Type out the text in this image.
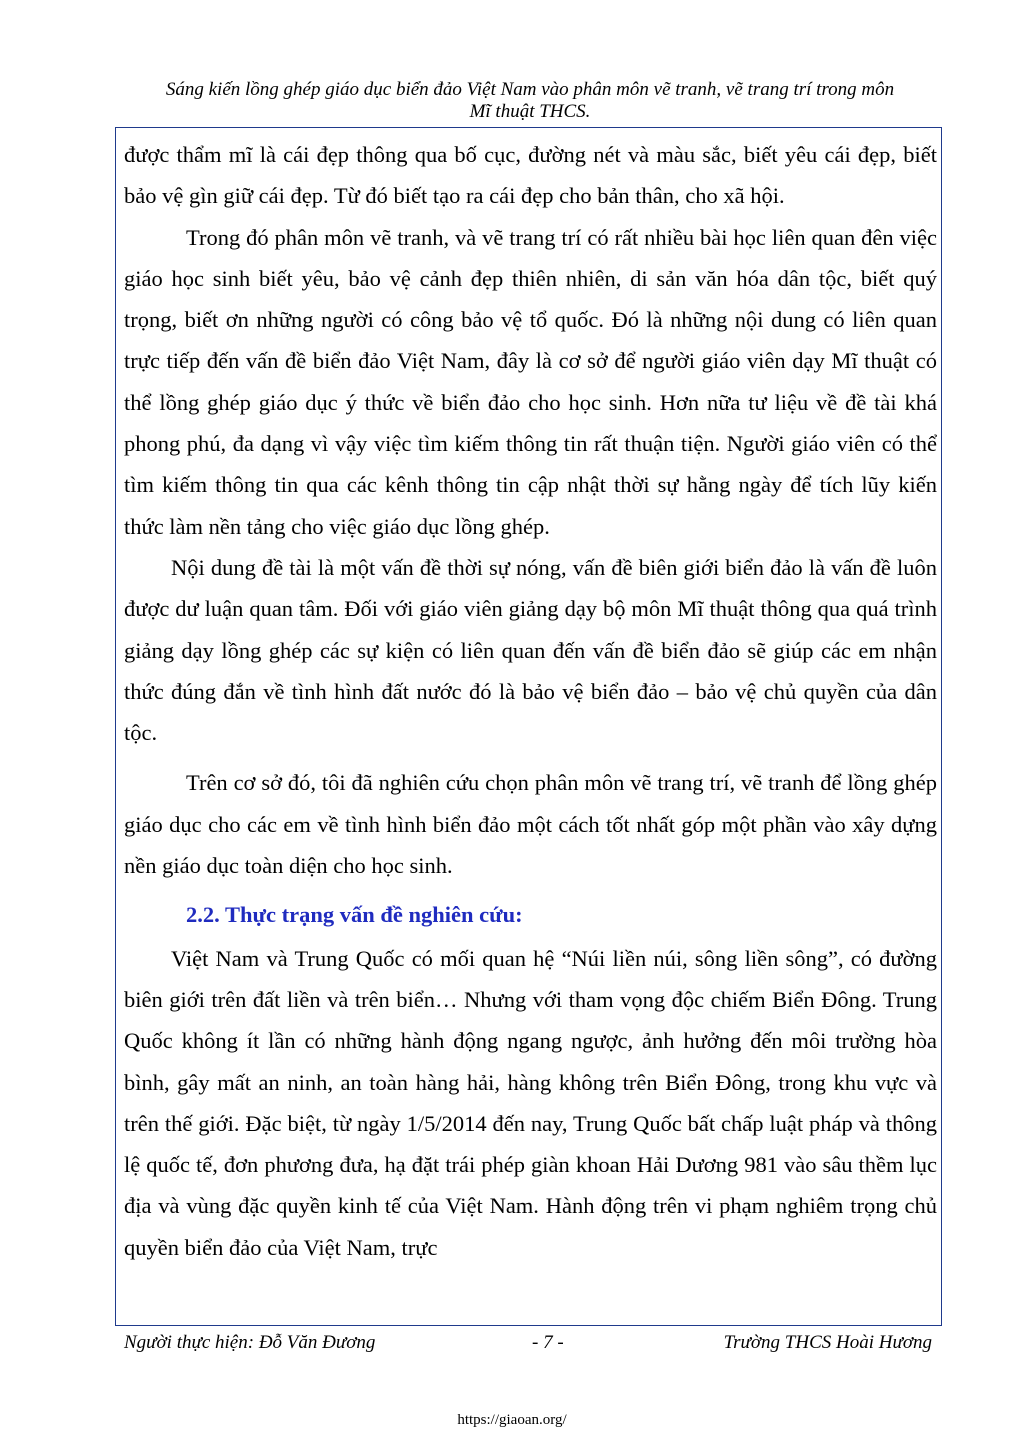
Sáng kiến lồng ghép giáo dục biển đảo Việt Nam vào phân môn vẽ tranh, vẽ trang trí trong môn
Mĩ thuật THCS.

được thẩm mĩ là cái đẹp thông qua bố cục, đường nét và màu sắc, biết yêu cái đẹp, biết bảo vệ gìn giữ cái đẹp. Từ đó biết tạo ra cái đẹp cho bản thân, cho xã hội.

Trong đó phân môn vẽ tranh, và vẽ trang trí có rất nhiều bài học liên quan đên việc giáo học sinh biết yêu, bảo vệ cảnh đẹp thiên nhiên, di sản văn hóa dân tộc, biết quý trọng, biết ơn những người có công bảo vệ tổ quốc. Đó là những nội dung có liên quan trực tiếp đến vấn đề biển đảo Việt Nam, đây là cơ sở để người giáo viên dạy Mĩ thuật có thể lồng ghép giáo dục ý thức về biển đảo cho học sinh. Hơn nữa tư liệu về đề tài khá phong phú, đa dạng vì vậy việc tìm kiếm thông tin rất thuận tiện. Người giáo viên có thể tìm kiếm thông tin qua các kênh thông tin cập nhật thời sự hằng ngày để tích lũy kiến thức làm nền tảng cho việc giáo dục lồng ghép.

Nội dung đề tài là một vấn đề thời sự nóng, vấn đề biên giới biển đảo là vấn đề luôn được dư luận quan tâm. Đối với giáo viên giảng dạy bộ môn Mĩ thuật thông qua quá trình giảng dạy lồng ghép các sự kiện có liên quan đến vấn đề biển đảo sẽ giúp các em nhận thức đúng đắn về tình hình đất nước đó là bảo vệ biển đảo – bảo vệ chủ quyền của dân tộc.

Trên cơ sở đó, tôi đã nghiên cứu chọn phân môn vẽ trang trí, vẽ tranh để lồng ghép giáo dục cho các em về tình hình biển đảo một cách tốt nhất góp một phần vào xây dựng nền giáo dục toàn diện cho học sinh.

2.2. Thực trạng vấn đề nghiên cứu:

Việt Nam và Trung Quốc có mối quan hệ “Núi liền núi, sông liền sông”, có đường biên giới trên đất liền và trên biển… Nhưng với tham vọng độc chiếm Biển Đông. Trung Quốc không ít lần có những hành động ngang ngược, ảnh hưởng đến môi trường hòa bình, gây mất an ninh, an toàn hàng hải, hàng không trên Biển Đông, trong khu vực và trên thế giới. Đặc biệt, từ ngày 1/5/2014 đến nay, Trung Quốc bất chấp luật pháp và thông lệ quốc tế, đơn phương đưa, hạ đặt trái phép giàn khoan Hải Dương 981 vào sâu thềm lục địa và vùng đặc quyền kinh tế của Việt Nam. Hành động trên vi phạm nghiêm trọng chủ quyền biển đảo của Việt Nam, trực

Người thực hiện: Đỗ Văn Đương	- 7 -	Trường THCS Hoài Hương
https://giaoan.org/
